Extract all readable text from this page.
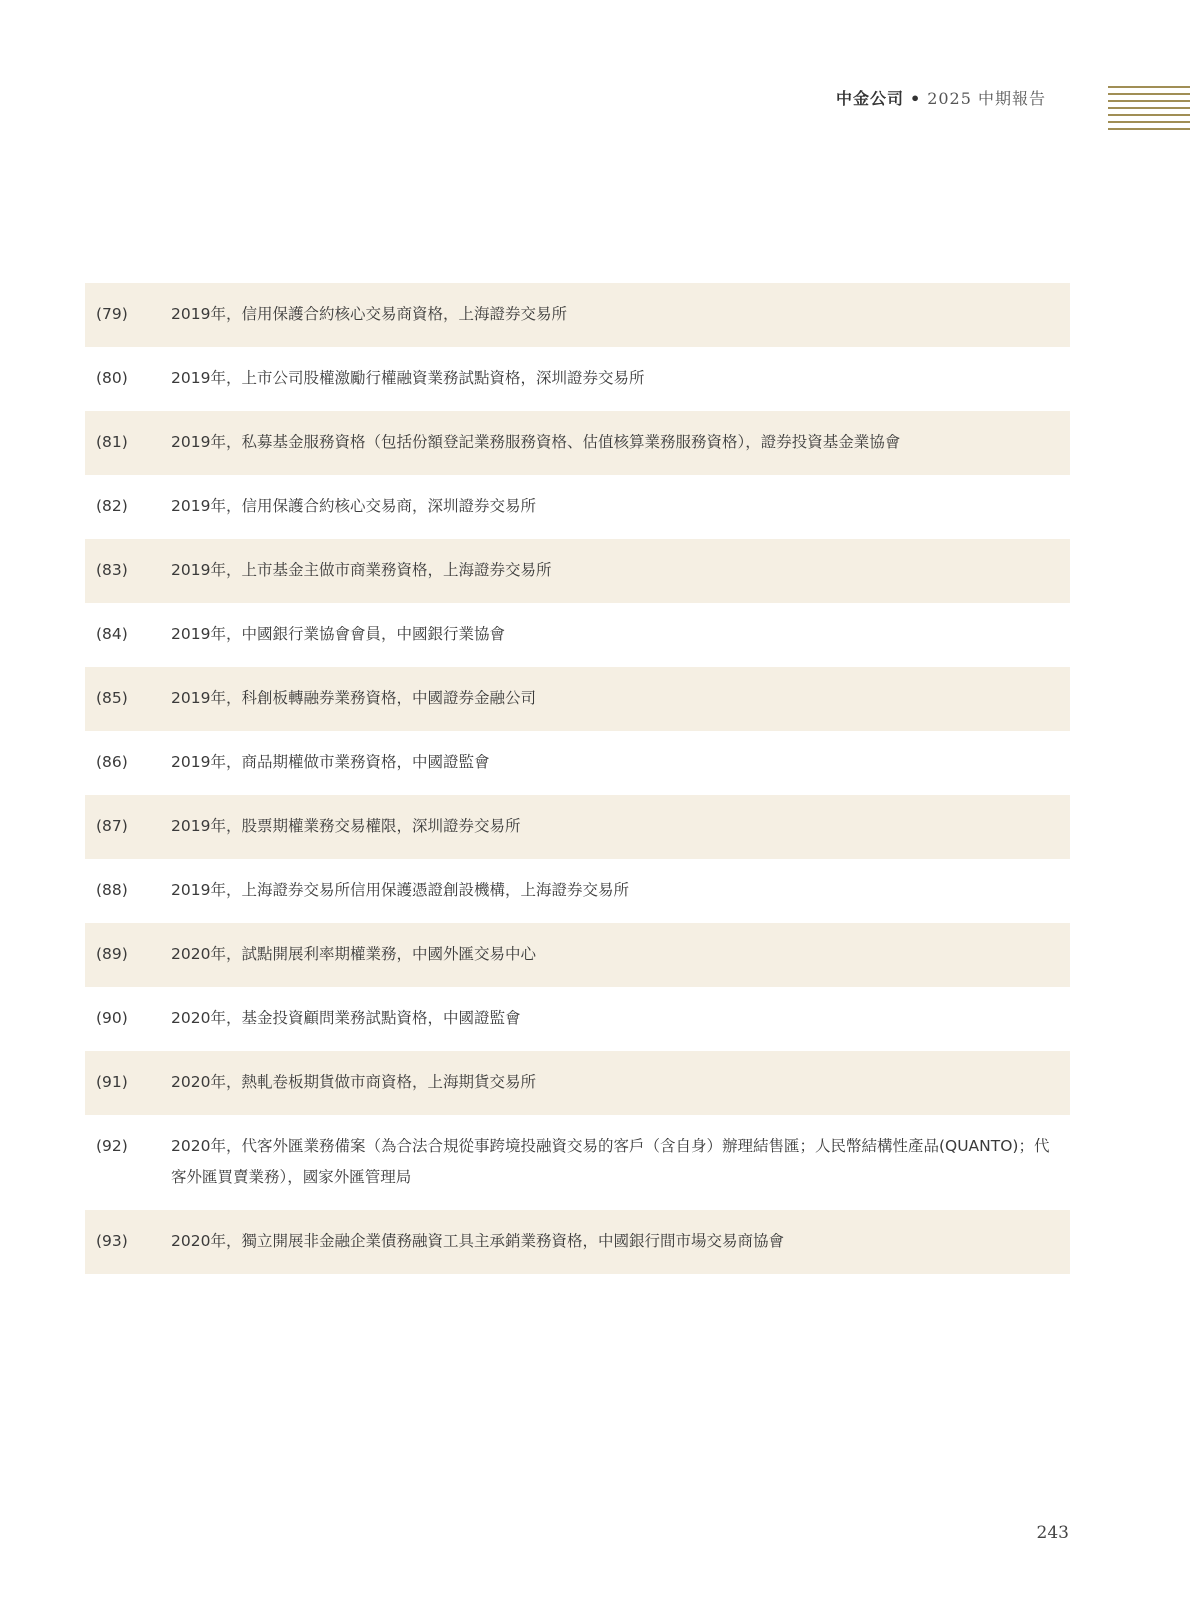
中金公司 • 2025 中期報告
(79)	2019年，信用保護合約核心交易商資格，上海證券交易所
(80)	2019年，上市公司股權激勵行權融資業務試點資格，深圳證券交易所
(81)	2019年，私募基金服務資格（包括份額登記業務服務資格、估值核算業務服務資格），證券投資基金業協會
(82)	2019年，信用保護合約核心交易商，深圳證券交易所
(83)	2019年，上市基金主做市商業務資格，上海證券交易所
(84)	2019年，中國銀行業協會會員，中國銀行業協會
(85)	2019年，科創板轉融券業務資格，中國證券金融公司
(86)	2019年，商品期權做市業務資格，中國證監會
(87)	2019年，股票期權業務交易權限，深圳證券交易所
(88)	2019年，上海證券交易所信用保護憑證創設機構，上海證券交易所
(89)	2020年，試點開展利率期權業務，中國外匯交易中心
(90)	2020年，基金投資顧問業務試點資格，中國證監會
(91)	2020年，熱軋卷板期貨做市商資格，上海期貨交易所
(92)	2020年，代客外匯業務備案（為合法合規從事跨境投融資交易的客戶（含自身）辦理結售匯；人民幣結構性產品(QUANTO)；代客外匯買賣業務），國家外匯管理局
(93)	2020年，獨立開展非金融企業債務融資工具主承銷業務資格，中國銀行間市場交易商協會
243
